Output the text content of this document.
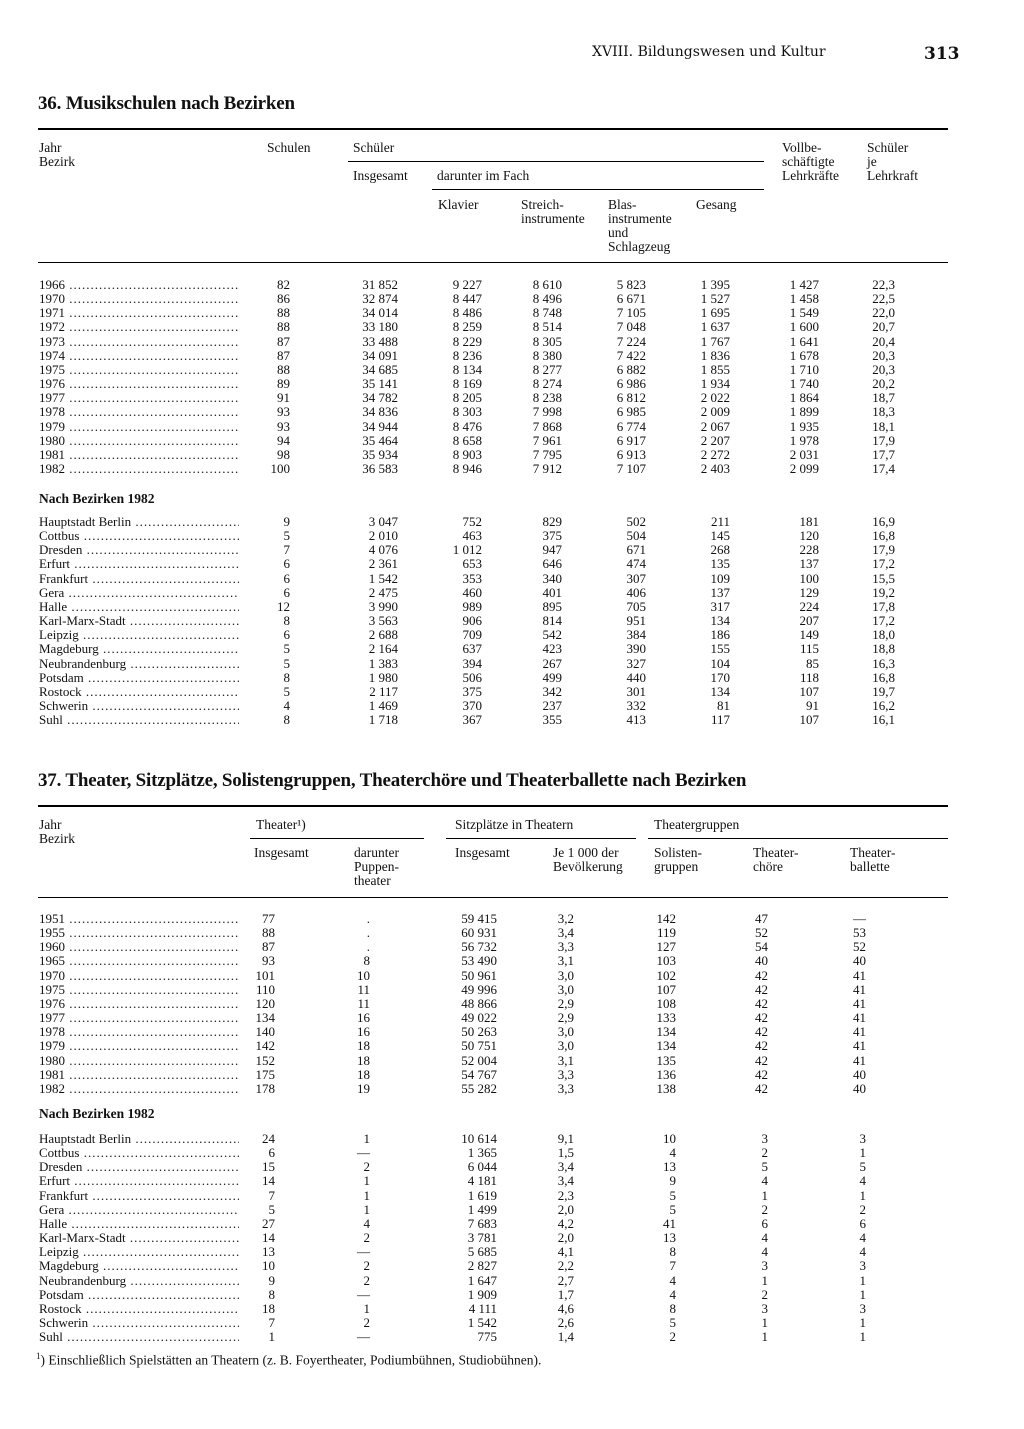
XVIII. Bildungswesen und Kultur	313
36. Musikschulen nach Bezirken
Jahr
Bezirk
Schulen	Schüler
Insgesamt darunter im Fach
Klavier	Streich-
instrumente
Blas-
instrumente
und
Schlagzeug
Gesang
Vollbe-
schäftigte
Lehrkräfte
Schüler
je
Lehrkraft
1966 .....	82	31 852	9 227	8 610	5 823	1 395	1 427	22,3
1970 .....	86	32 874	8 447	8 496	6 671	1 527	1 458	22,5
1971 .....	88	34 014	8 486	8 748	7 105	1 695	1 549	22,0
1972 .....	88	33 180	8 259	8 514	7 048	1 637	1 600	20,7
1973 .....	87	33 488	8 229	8 305	7 224	1 767	1 641	20,4
1974 .....	87	34 091	8 236	8 380	7 422	1 836	1 678	20,3
1975 .....	88	34 685	8 134	8 277	6 882	1 855	1 710	20,3
1976 .....	89	35 141	8 169	8 274	6 986	1 934	1 740	20,2
1977 .....	91	34 782	8 205	8 238	6 812	2 022	1 864	18,7
1978 .....	93	34 836	8 303	7 998	6 985	2 009	1 899	18,3
1979 .....	93	34 944	8 476	7 868	6 774	2 067	1 935	18,1
1980 .....	94	35 464	8 658	7 961	6 917	2 207	1 978	17,9
1981 .....	98	35 934	8 903	7 795	6 913	2 272	2 031	17,7
1982 .....	100	36 583	8 946	7 912	7 107	2 403	2 099	17,4
Nach Bezirken 1982
Hauptstadt Berlin .....	9	3 047	752	829	502	211	181	16,9
Cottbus .....	5	2 010	463	375	504	145	120	16,8
Dresden .....	7	4 076	1 012	947	671	268	228	17,9
Erfurt .....	6	2 361	653	646	474	135	137	17,2
Frankfurt .....	6	1 542	353	340	307	109	100	15,5
Gera .....	6	2 475	460	401	406	137	129	19,2
Halle .....	12	3 990	989	895	705	317	224	17,8
Karl-Marx-Stadt .....	8	3 563	906	814	951	134	207	17,2
Leipzig .....	6	2 688	709	542	384	186	149	18,0
Magdeburg .....	5	2 164	637	423	390	155	115	18,8
Neubrandenburg .....	5	1 383	394	267	327	104	85	16,3
Potsdam .....	8	1 980	506	499	440	170	118	16,8
Rostock .....	5	2 117	375	342	301	134	107	19,7
Schwerin .....	4	1 469	370	237	332	81	91	16,2
Suhl .....	8	1 718	367	355	413	117	107	16,1
37. Theater, Sitzplätze, Solistengruppen, Theaterchöre und Theaterballette nach Bezirken
Jahr
Bezirk
Theater¹)	Sitzplätze in Theatern	Theatergruppen
Insgesamt	darunter
Puppen-
theater
Insgesamt	Je 1 000 der
Bevölkerung
Solisten-
gruppen
Theater-
chöre
Theater-
ballette
1951 .....	77	.	59 415	3,2	142	47	—
1955 .....	88	.	60 931	3,4	119	52	53
1960 .....	87	.	56 732	3,3	127	54	52
1965 .....	93	8	53 490	3,1	103	40	40
1970 .....	101	10	50 961	3,0	102	42	41
1975 .....	110	11	49 996	3,0	107	42	41
1976 .....	120	11	48 866	2,9	108	42	41
1977 .....	134	16	49 022	2,9	133	42	41
1978 .....	140	16	50 263	3,0	134	42	41
1979 .....	142	18	50 751	3,0	134	42	41
1980 .....	152	18	52 004	3,1	135	42	41
1981 .....	175	18	54 767	3,3	136	42	40
1982 .....	178	19	55 282	3,3	138	42	40
Nach Bezirken 1982
Hauptstadt Berlin .....	24	1	10 614	9,1	10	3	3
Cottbus .....	6	—	1 365	1,5	4	2	1
Dresden .....	15	2	6 044	3,4	13	5	5
Erfurt .....	14	1	4 181	3,4	9	4	4
Frankfurt .....	7	1	1 619	2,3	5	1	1
Gera .....	5	1	1 499	2,0	5	2	2
Halle .....	27	4	7 683	4,2	41	6	6
Karl-Marx-Stadt .....	14	2	3 781	2,0	13	4	4
Leipzig .....	13	—	5 685	4,1	8	4	4
Magdeburg .....	10	2	2 827	2,2	7	3	3
Neubrandenburg .....	9	2	1 647	2,7	4	1	1
Potsdam .....	8	—	1 909	1,7	4	2	1
Rostock .....	18	1	4 111	4,6	8	3	3
Schwerin .....	7	2	1 542	2,6	5	1	1
Suhl .....	1	—	775	1,4	2	1	1
$^1$) Einschließlich Spielstätten an Theatern (z. B. Foyertheater, Podiumbühnen, Studiobühnen).
